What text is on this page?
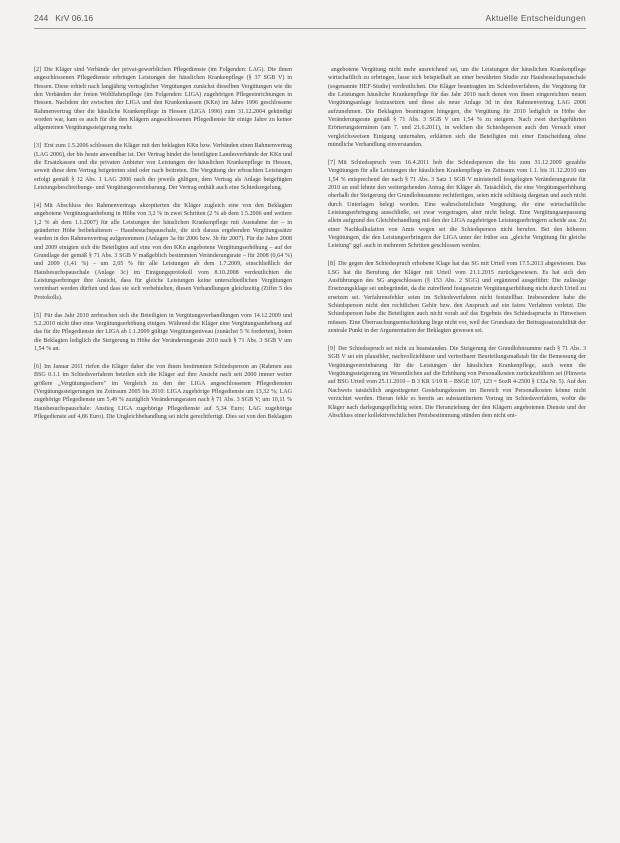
244 KrV 06.16	Aktuelle Entscheidungen

[2] Die Kläger sind Verbände der privat-gewerblichen Pflegedienste (im Folgenden: LAG). Die ihnen angeschlossenen Pflegedienste erbringen Leistungen der häuslichen Krankenpflege (§ 37 SGB V) in Hessen. Diese erhielt nach langjährig vertraglicher Vergütungen zunächst dieselben Vergütungen wie die den Verbänden der freien Wohlfahrtspflege (im Folgenden: LIGA) zugehörigen Pflegeeinrichtungen in Hessen. Nachdem der zwischen der LIGA und den Krankenkassen (KKn) im Jahre 1996 geschlossene Rahmenvertrag über die häusliche Krankenpflege in Hessen (LIGA 1996) zum 31.12.2004 gekündigt worden war, kam es auch für die den Klägern angeschlossenen Pflegedienste für einige Jahre zu keiner allgemeinen Vergütungssteigerung mehr.

[3] Erst zum 1.5.2006 schlossen die Kläger mit den beklagten KKn bzw. Verbänden einen Rahmenvertrag (LAG 2006), der bis heute anwendbar ist. Der Vertrag bindet die beteiligten Landesverbände der KKn und die Ersatzkassen und die privaten Anbieter von Leistungen der häuslichen Krankenpflege in Hessen, soweit diese dem Vertrag beigetreten sind oder nach beitreten. Die Vergütung der erbrachten Leistungen erfolgt gemäß § 12 Abs. 1 LAG 2006 nach der jeweils gültigen, dem Vertrag als Anlage beigefügten Leistungsbeschreibungs- und Vergütungsvereinbarung. Der Vertrag enthält auch eine Schiedsregelung.

[4] Mit Abschluss des Rahmenvertrags akzeptierten die Kläger zugleich eine von den Beklagten angebotene Vergütungsanhebung in Höhe von 3,2 % in zwei Schritten (2 % ab dem 1.5.2006 und weitere 1,2 % ab dem 1.1.2007) für alle Leistungen der häuslichen Krankenpflege mit Ausnahme der – in geänderter Höhe beibehaltenen – Hausbesuchspauschale, die sich daraus ergebenden Vergütungssätze wurden in den Rahmenvertrag aufgenommen (Anlagen 3a für 2006 bzw. 3b für 2007). Für die Jahre 2008 und 2009 einigten sich die Beteiligten auf eine von den KKn angebotene Vergütungserhöhung – auf der Grundlage der gemäß § 71 Abs. 3 SGB V maßgeblich bestimmten Veränderungsrate – für 2008 (0,64 %) und 2009 (1,41 %) – um 2,05 % für alle Leistungen ab dem 1.7.2009, einschließlich der Hausbesuchspauschale (Anlage 3c) im Einigungsprotokoll vom 8.10.2008 verdeutlichten die Leistungserbringer ihre Ansicht, dass für gleiche Leistungen keine unterschiedlichen Vergütungen vereinbart werden dürften und dass sie sich vorbehielten, diesen Verhandlungen gleichzeitig (Ziffer 5 des Protokolls).

[5] Für das Jahr 2010 zerbrachen sich die Beteiligten in Vergütungsverhandlungen vom 14.12.2009 und 5.2.2010 nicht über eine Vergütungserhöhung einigen. Während die Kläger eine Vergütungsanhebung auf das für die Pflegedienste der LIGA ab 1.1.2009 gültige Vergütungsniveau (zunächst 5 % forderten), boten die Beklagten lediglich die Steigerung in Höhe der Veränderungsrate 2010 nach § 71 Abs. 3 SGB V um 1,54 % an.

[6] Im Januar 2011 riefen die Kläger daher die von ihnen bestimmten Schiedsperson an (Rahmen aus BSG 0.1.1 im Schiedsverfahren beteilen sich die Kläger auf ihre Ansicht nach seit 2000 immer weiter größere „Vergütungsschere" im Vergleich zu den der LIGA angeschlossenen Pflegediensten (Vergütungssteigerungen im Zeitraum 2005 bis 2010: LIGA zugehörige Pflegedienste um 13,32 %; LAG zugehörige Pflegedienste um 5,49 % zuzüglich Veränderungsraten nach § 71 Abs. 3 SGB V; um 10,11 % Hausbesuchspauschale: Anstieg LIGA zugehörige Pflegedienste auf 5,34 Euro; LAG zugehörige Pflegedienste auf 4,86 Euro). Die Ungleichbehandlung sei nicht gerechtfertigt. Dies sei von den Beklagten

angebotene Vergütung nicht mehr ausreichend sei, um die Leistungen der häuslichen Krankenpflege wirtschaftlich zu erbringen, lasse sich beispielhaft an einer bewährten Studie zur Hausbesuchspauschale (sogenannte HEF-Studie) verdeutlichen. Die Kläger beantragten im Schiedsverfahren, die Vergütung für die Leistungen häusliche Krankenpflege für das Jahr 2010 nach denen von ihnen eingereichten neuen Vergütungsanlage festzusetzen und diese als neue Anlage 3d in den Rahmenvertrag LAG 2006 aufzunehmen. Die Beklagten beantragten hingegen, die Vergütung für 2010 lediglich in Höhe der Veränderungsrate gemäß § 71 Abs. 3 SGB V um 1,54 % zu steigern. Nach zwei durchgeführten Erörterungsterminen (am 7. und 21.6.2011), in welchen die Schiedsperson auch den Versuch einer vergleichsweisen Einigung unternahm, erklärten sich die Beteiligten mit einer Entscheidung ohne mündliche Verhandlung einverstanden.

[7] Mit Schiedsspruch vom 16.4.2011 hob die Schiedsperson die bis zum 31.12.2009 gezahlte Vergütungen für alle Leistungen der häuslichen Krankenpflege im Zeitraum vom 1.1. bis 31.12.2010 um 1,54 % entsprechend der nach § 71 Abs. 3 Satz 1 SGB V ministeriell festgelegten Veränderungsrate für 2010 an und lehnte den weitergehenden Antrag der Kläger ab. Tatsächlich, die eine Vergütungserhöhung oberhalb der Steigerung der Grundlohnsumme rechtfertigen, seien nicht schlüssig dargetan und auch nicht durch Unterlagen belegt worden. Eine wahrscheinlichste Vergütung, die eine wirtschaftliche Leistungserbringung ausschließe, sei zwar vorgetragen, aber nicht belegt. Eine Vergütungsanpassung allein aufgrund des Gleichbehandlung mit den der LIGA zugehörigen Leistungserbringern scheide aus. Zu einer Nachkalkulation von Amts wegen sei die Schiedsperson nicht berufen. Bei den höheren Vergütungen, die den Leistungserbringern der LIGA unter der früher aus „gleiche Vergütung für gleiche Leistung" ggf. auch in mehreren Schritten geschlossen werden.

[8] Die gegen den Schiedsspruch erhobene Klage hat das SG mit Urteil vom 17.5.2013 abgewiesen. Das LSG hat die Berufung der Kläger mit Urteil vom 21.1.2015 zurückgewiesen. Es hat sich den Ausführungen des SG angeschlossen (§ 153 Abs. 2 SGG) und ergänzend ausgeführt: Die zulässige Ersetzungsklage sei unbegründet, da die zutreffend festgesetzte Vergütungserhöhung nicht durch Urteil zu ersetzen sei. Verfahrensfehler seien im Schiedsverfahren nicht feststellbar. Insbesondere habe die Schiedsperson nicht den rechtlichen Gehör bzw. den Anspruch auf ein faires Verfahren verletzt. Die Schiedsperson habe die Beteiligten auch nicht vorab auf das Ergebnis des Schiedsspruchs in Hinweisen müssen. Eine Überraschungsentscheidung liege nicht vor, weil der Grundsatz der Beitragssatzstabilität der zentrale Punkt in der Argumentation der Beklagten gewesen sei.

[9] Der Schiedsspruch sei nicht zu beanstanden. Die Steigerung der Grundlohnsumme nach § 71 Abs. 3 SGB V sei ein plausibler, nachvollziehbarer und vertretbarer Beurteilungsmaßstab für die Bemessung der Vergütungsvereinbarung für die Leistungen der häuslichen Krankenpflege, auch wenn die Vergütungssteigerung im Wesentlichen auf die Erhöhung von Personalkosten zurückzuführen sei (Hinweis auf BSG Urteil vom 25.11.2010 – B 3 KR 1/10 R – BSGE 107, 123 = SozR 4-2500 § 132a Nr. 5). Auf den Nachweis tatsächlich angestiegener Gestehungskosten im Bereich von Personalkosten könne nicht verzichtet werden. Hieran fehle es bereits an substantiiertem Vortrag im Schiedsverfahren, wofür die Kläger nach darlegungspflichtig seien. Die Heranziehung der den Klägern angebotenen Dienste und der Abschluss einer kollektivrechtlichen Preisbestimmung stünden dem nicht ent-
